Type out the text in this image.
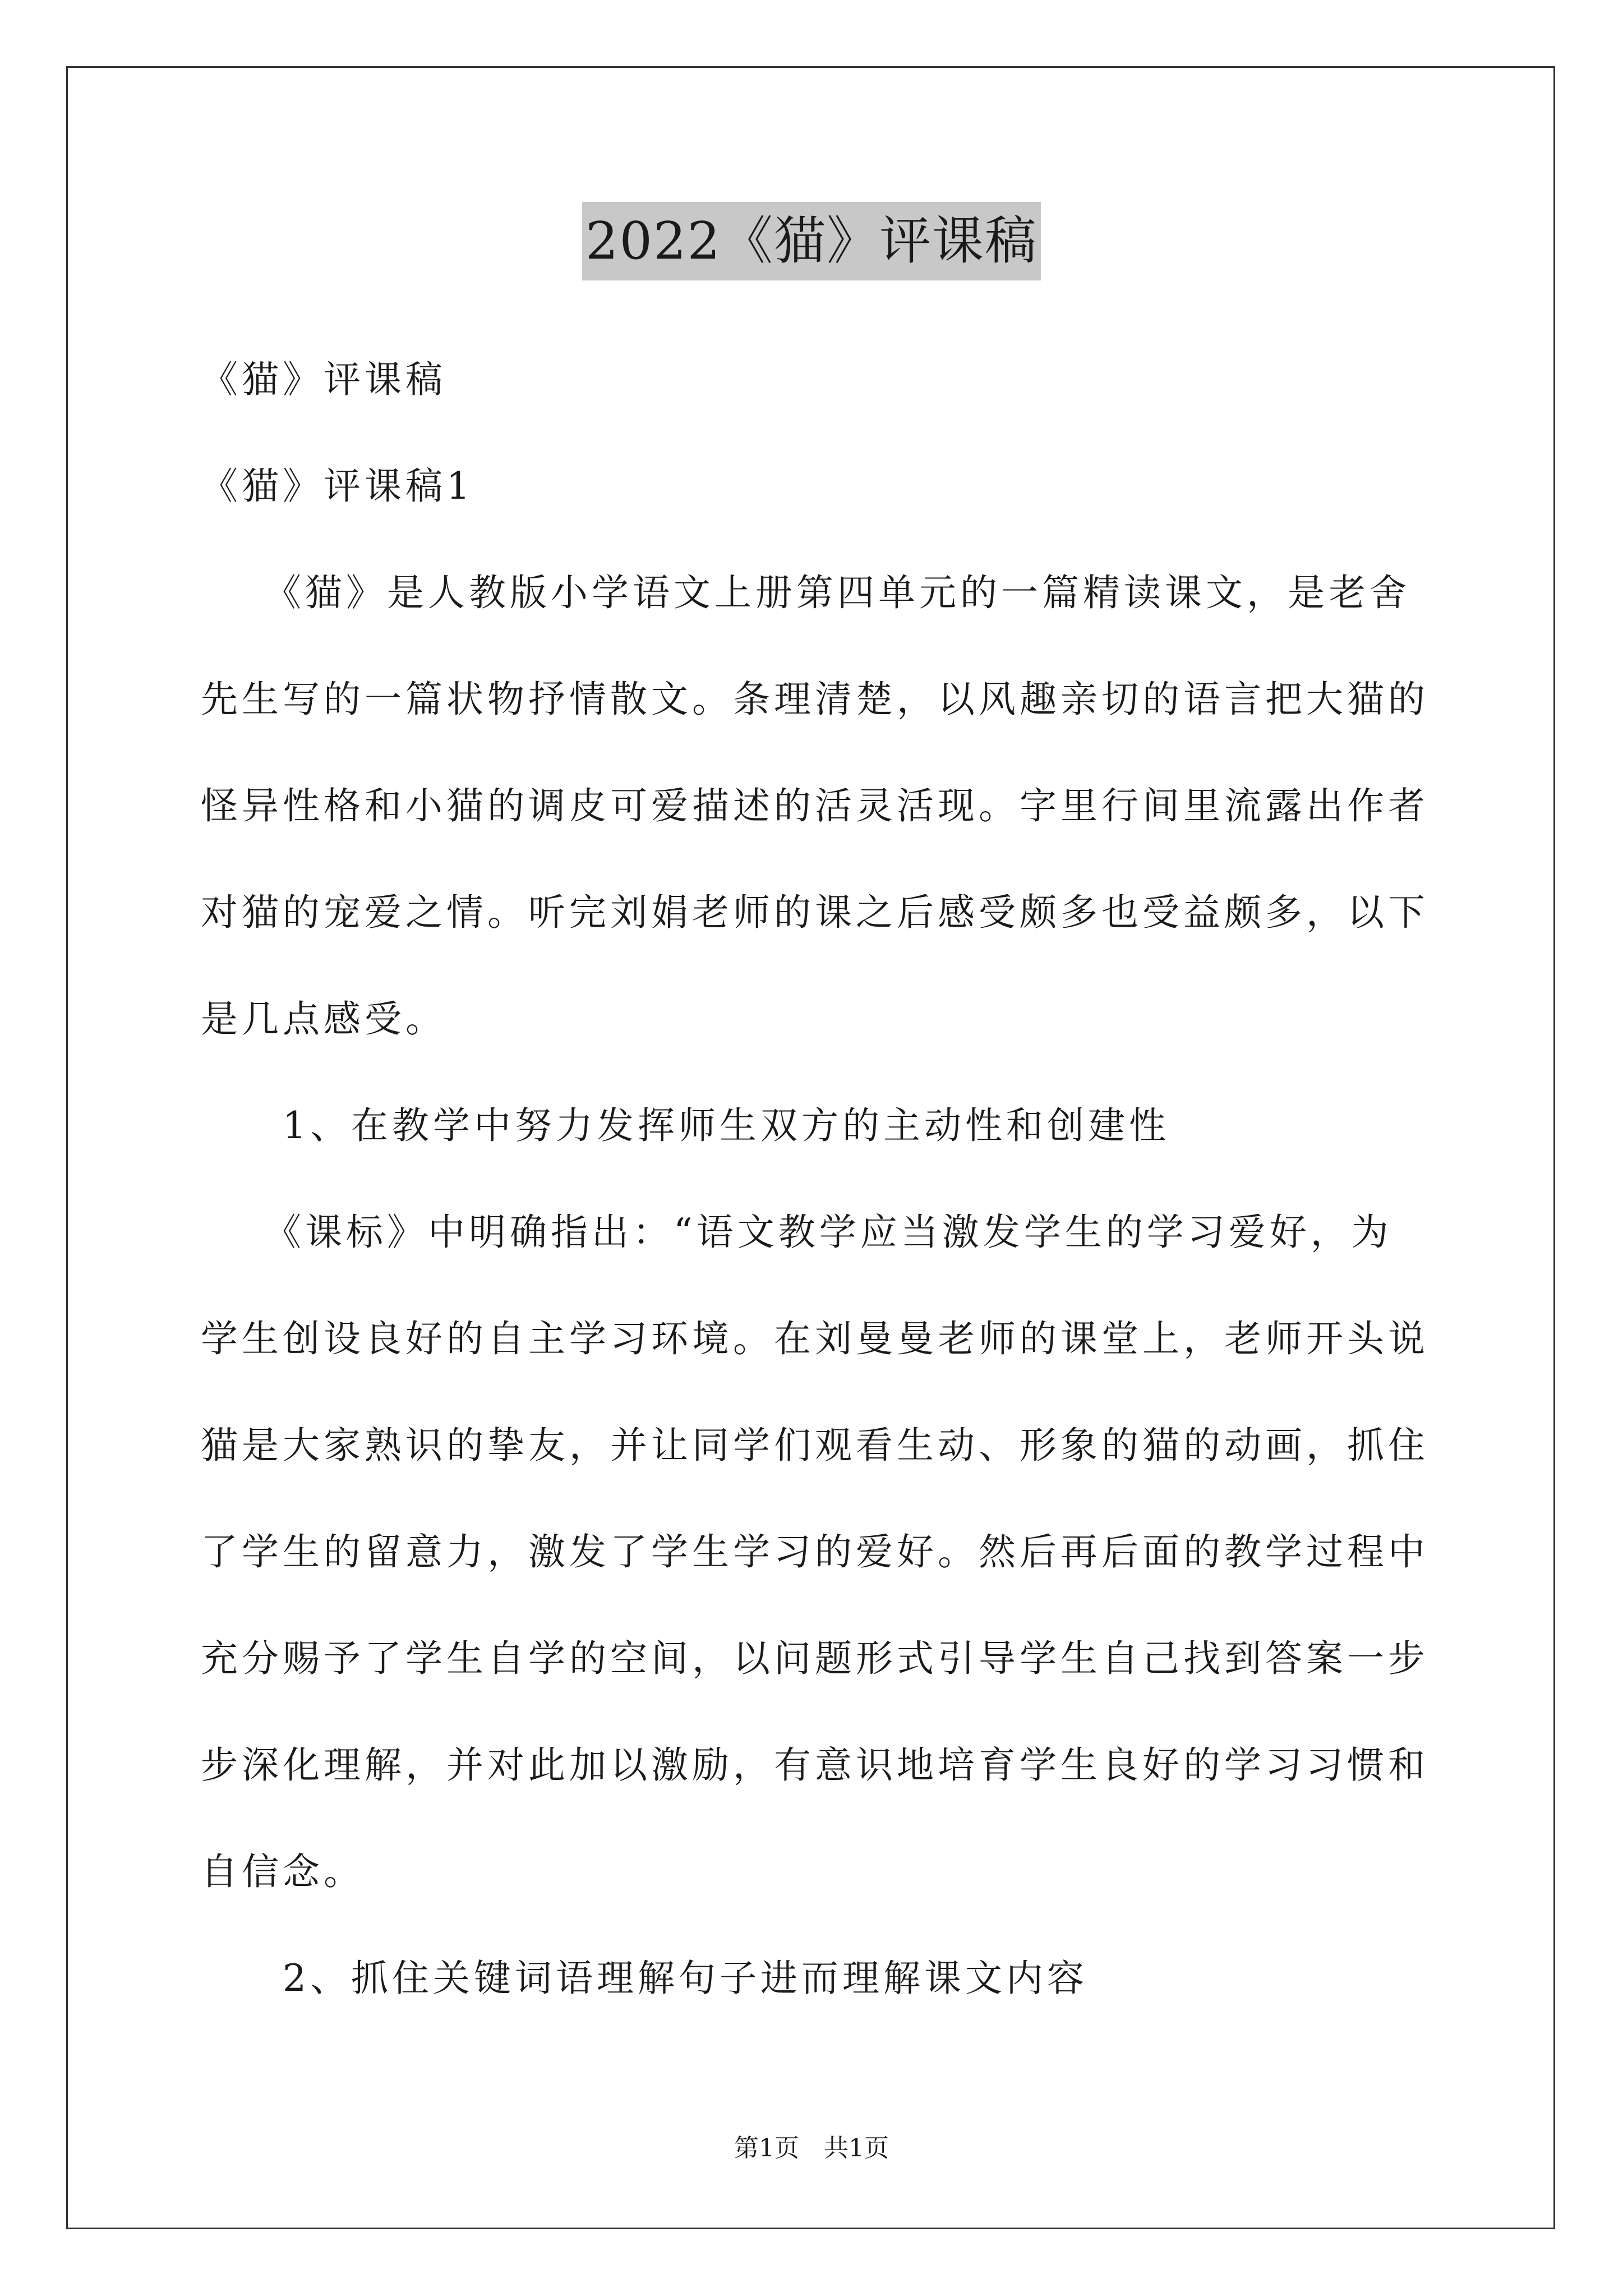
2022《猫》评课稿
《猫》评课稿
《猫》评课稿1
　　《猫》是人教版小学语文上册第四单元的一篇精读课文，是老舍
先生写的一篇状物抒情散文。条理清楚，以风趣亲切的语言把大猫的
怪异性格和小猫的调皮可爱描述的活灵活现。字里行间里流露出作者
对猫的宠爱之情。听完刘娟老师的课之后感受颇多也受益颇多，以下
是几点感受。
　　1、在教学中努力发挥师生双方的主动性和创建性
　　《课标》中明确指出：“语文教学应当激发学生的学习爱好，为
学生创设良好的自主学习环境。在刘曼曼老师的课堂上，老师开头说
猫是大家熟识的挚友，并让同学们观看生动、形象的猫的动画，抓住
了学生的留意力，激发了学生学习的爱好。然后再后面的教学过程中
充分赐予了学生自学的空间，以问题形式引导学生自己找到答案一步
步深化理解，并对此加以激励，有意识地培育学生良好的学习习惯和
自信念。
　　2、抓住关键词语理解句子进而理解课文内容
第1页　共1页
